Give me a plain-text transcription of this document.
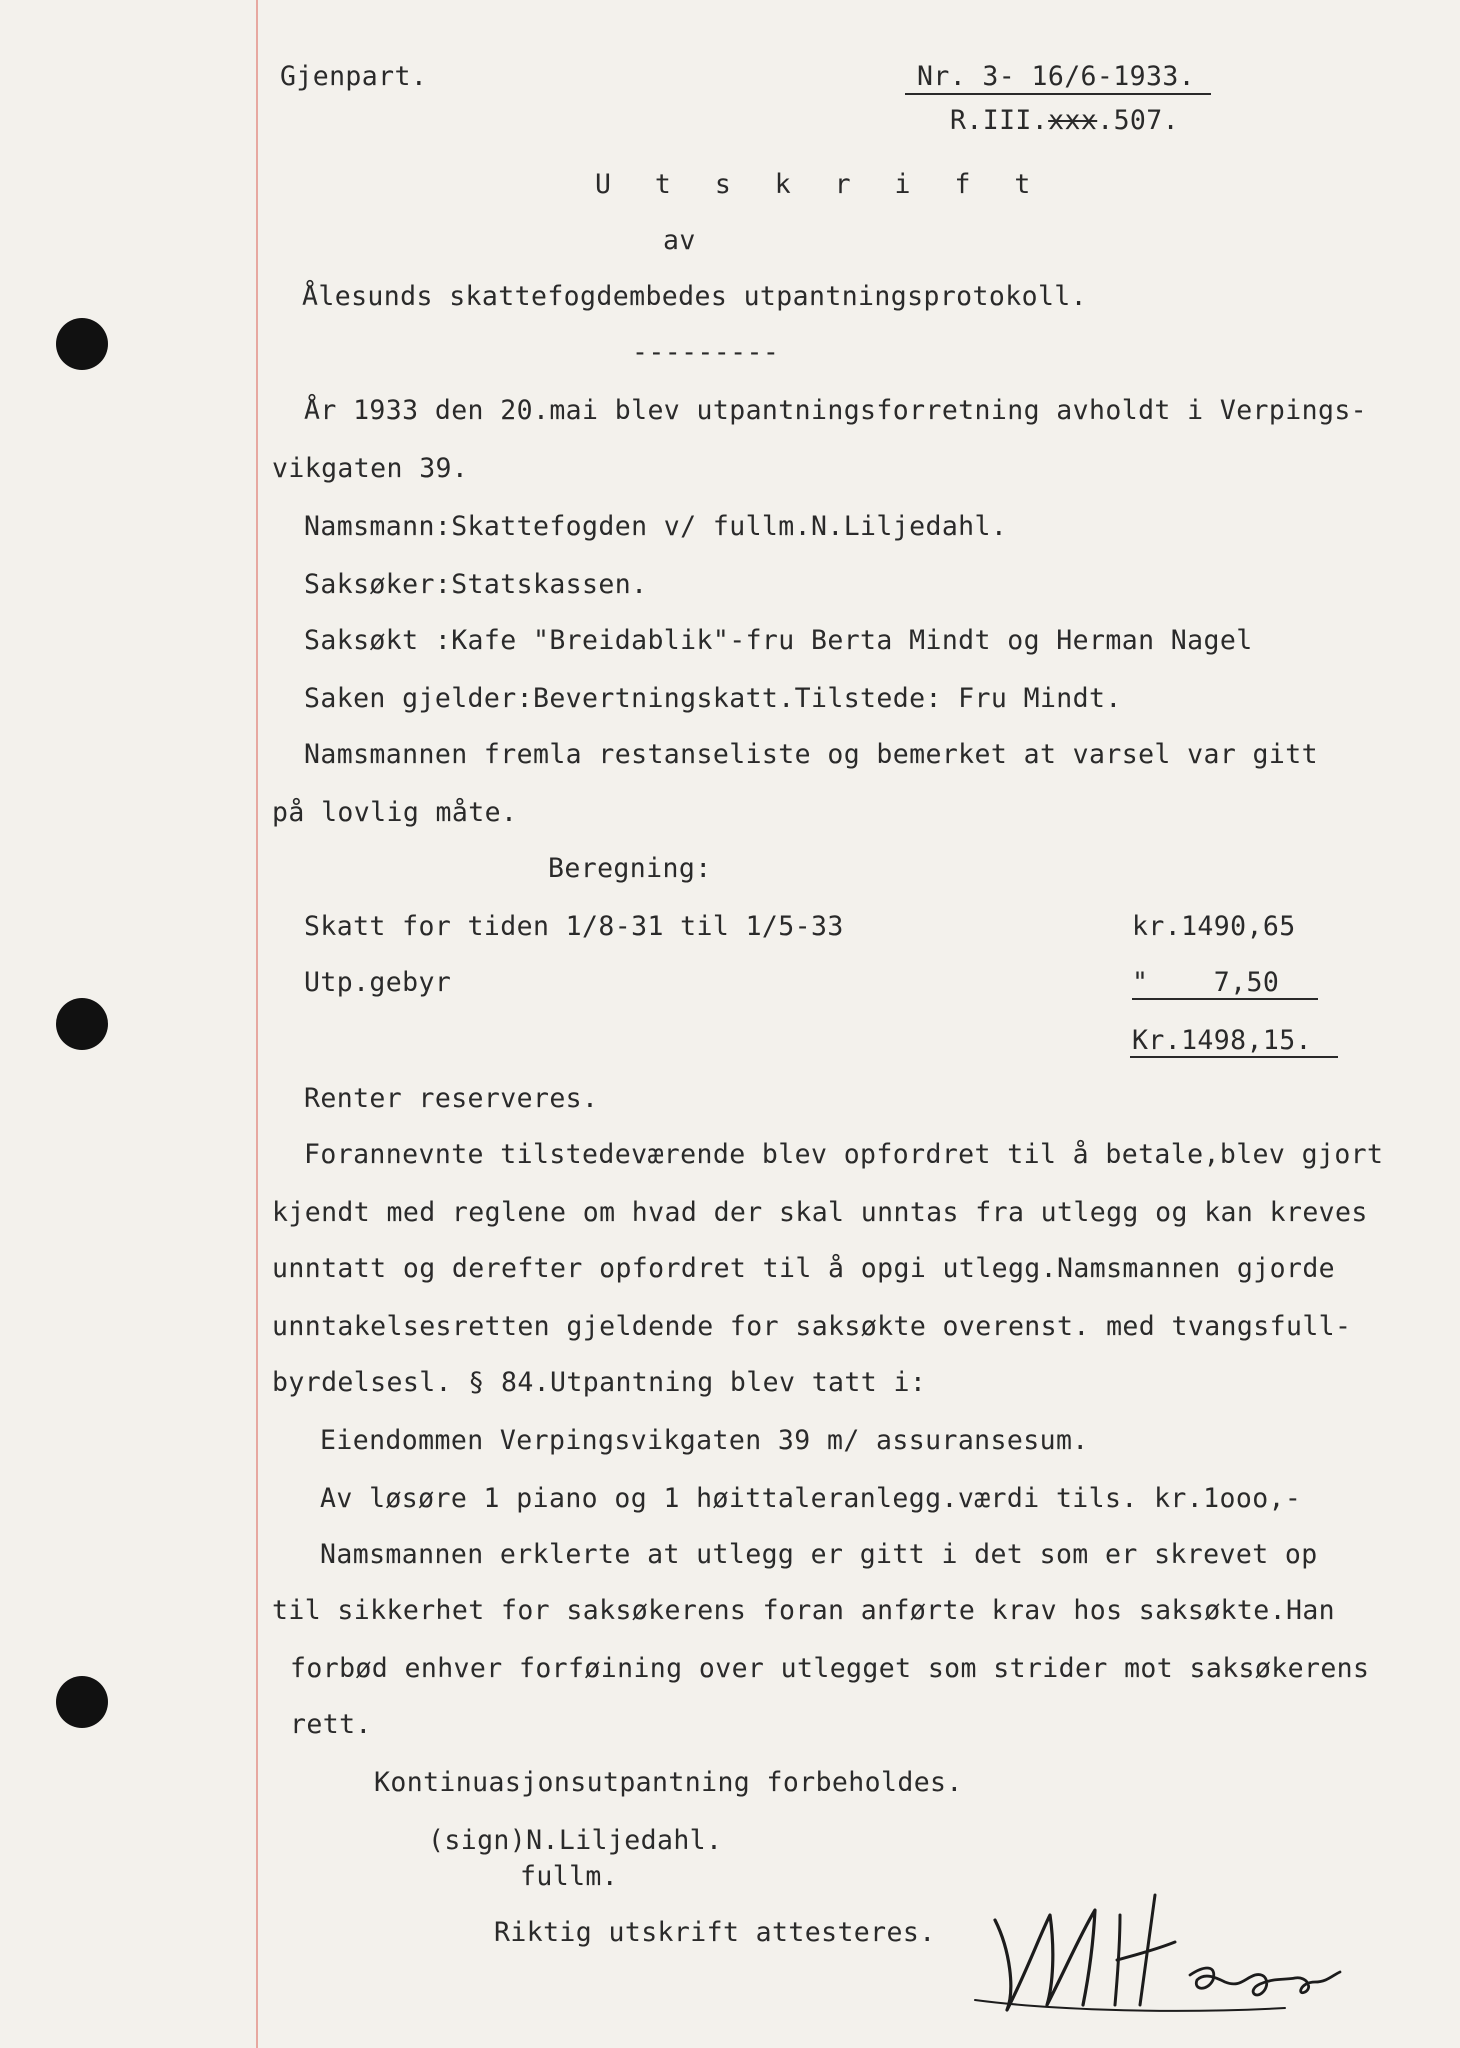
Gjenpart.	Nr. 3- 16/6-1933.
R.III.xxx.507.
U t s k r i f t
av
Ålesunds skattefogdembedes utpantningsprotokoll.
---------
År 1933 den 20.mai blev utpantningsforretning avholdt i Verpings-
vikgaten 39.
Namsmann:Skattefogden v/ fullm.N.Liljedahl.
Saksøker:Statskassen.
Saksøkt :Kafe "Breidablik"-fru Berta Mindt og Herman Nagel
Saken gjelder:Bevertningskatt.Tilstede: Fru Mindt.
Namsmannen fremla restanseliste og bemerket at varsel var gitt
på lovlig måte.
Beregning:
Skatt for tiden 1/8-31 til 1/5-33	kr.1490,65
Utp.gebyr	"    7,50
Kr.1498,15.
Renter reserveres.
Forannevnte tilstedeværende blev opfordret til å betale,blev gjort
kjendt med reglene om hvad der skal unntas fra utlegg og kan kreves
unntatt og derefter opfordret til å opgi utlegg.Namsmannen gjorde
unntakelsesretten gjeldende for saksøkte overenst. med tvangsfull-
byrdelsesl. § 84.Utpantning blev tatt i:
Eiendommen Verpingsvikgaten 39 m/ assuransesum.
Av løsøre 1 piano og 1 høittaleranlegg.værdi tils. kr.1ooo,-
Namsmannen erklerte at utlegg er gitt i det som er skrevet op
til sikkerhet for saksøkerens foran anførte krav hos saksøkte.Han
forbød enhver forføining over utlegget som strider mot saksøkerens
rett.
Kontinuasjonsutpantning forbeholdes.
(sign)N.Liljedahl.
fullm.
Riktig utskrift attesteres.
